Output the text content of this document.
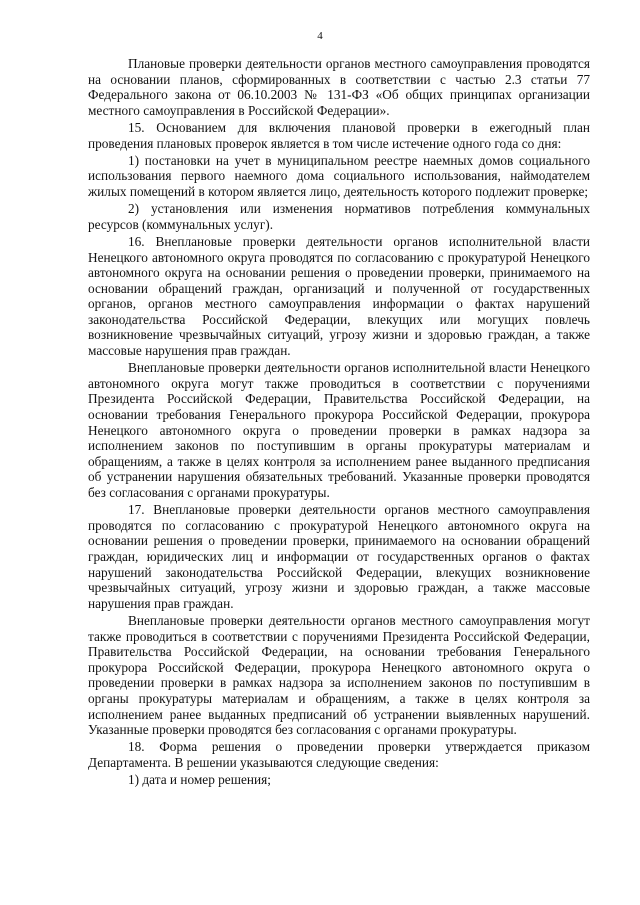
4

Плановые проверки деятельности органов местного самоуправления проводятся на основании планов, сформированных в соответствии с частью 2.3 статьи 77 Федерального закона от 06.10.2003 № 131-ФЗ «Об общих принципах организации местного самоуправления в Российской Федерации».

15. Основанием для включения плановой проверки в ежегодный план проведения плановых проверок является в том числе истечение одного года со дня:

1) постановки на учет в муниципальном реестре наемных домов социального использования первого наемного дома социального использования, наймодателем жилых помещений в котором является лицо, деятельность которого подлежит проверке;

2) установления или изменения нормативов потребления коммунальных ресурсов (коммунальных услуг).

16. Внеплановые проверки деятельности органов исполнительной власти Ненецкого автономного округа проводятся по согласованию с прокуратурой Ненецкого автономного округа на основании решения о проведении проверки, принимаемого на основании обращений граждан, организаций и полученной от государственных органов, органов местного самоуправления информации о фактах нарушений законодательства Российской Федерации, влекущих или могущих повлечь возникновение чрезвычайных ситуаций, угрозу жизни и здоровью граждан, а также массовые нарушения прав граждан.

Внеплановые проверки деятельности органов исполнительной власти Ненецкого автономного округа могут также проводиться в соответствии с поручениями Президента Российской Федерации, Правительства Российской Федерации, на основании требования Генерального прокурора Российской Федерации, прокурора Ненецкого автономного округа о проведении проверки в рамках надзора за исполнением законов по поступившим в органы прокуратуры материалам и обращениям, а также в целях контроля за исполнением ранее выданного предписания об устранении нарушения обязательных требований. Указанные проверки проводятся без согласования с органами прокуратуры.

17. Внеплановые проверки деятельности органов местного самоуправления проводятся по согласованию с прокуратурой Ненецкого автономного округа на основании решения о проведении проверки, принимаемого на основании обращений граждан, юридических лиц и информации от государственных органов о фактах нарушений законодательства Российской Федерации, влекущих возникновение чрезвычайных ситуаций, угрозу жизни и здоровью граждан, а также массовые нарушения прав граждан.

Внеплановые проверки деятельности органов местного самоуправления могут также проводиться в соответствии с поручениями Президента Российской Федерации, Правительства Российской Федерации, на основании требования Генерального прокурора Российской Федерации, прокурора Ненецкого автономного округа о проведении проверки в рамках надзора за исполнением законов по поступившим в органы прокуратуры материалам и обращениям, а также в целях контроля за исполнением ранее выданных предписаний об устранении выявленных нарушений. Указанные проверки проводятся без согласования с органами прокуратуры.

18. Форма решения о проведении проверки утверждается приказом Департамента. В решении указываются следующие сведения:

1) дата и номер решения;
